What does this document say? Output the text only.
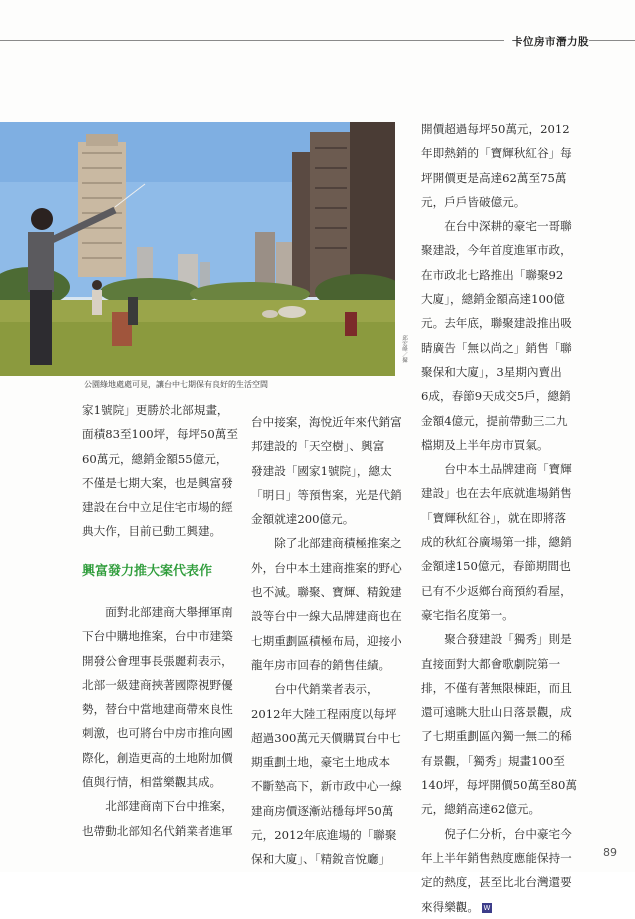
卡位房市潛力股
邱宏峰／攝
公園綠地處處可見，讓台中七期保有良好的生活空間

家1號院」更勝於北部規畫，

面積83至100坪，每坪50萬至

60萬元，總銷金額55億元，

不僅是七期大案，也是興富發

建設在台中立足住宅市場的經

典大作，目前已動工興建。

興富發力推大案代表作

　　面對北部建商大舉揮軍南

下台中購地推案，台中市建築

開發公會理事長張麗莉表示，

北部一級建商挾著國際視野優

勢，替台中當地建商帶來良性

刺激，也可將台中房市推向國

際化，創造更高的土地附加價

值與行情，相當樂觀其成。

　　北部建商南下台中推案，

也帶動北部知名代銷業者進軍

台中接案，海悅近年來代銷富

邦建設的「天空樹」、興富

發建設「國家1號院」，總太

「明日」等預售案，光是代銷

金額就達200億元。

　　除了北部建商積極推案之

外，台中本土建商推案的野心

也不減。聯聚、寶輝、精銳建

設等台中一線大品牌建商也在

七期重劃區積極布局，迎接小

龍年房市回春的銷售佳績。

　　台中代銷業者表示，

2012年大陸工程兩度以每坪

超過300萬元天價購買台中七

期重劃土地，豪宅土地成本

不斷墊高下，新市政中心一線

建商房價逐漸站穩每坪50萬

元，2012年底進場的「聯聚

保和大廈」、「精銳音悅廳」

開價超過每坪50萬元，2012

年即熱銷的「寶輝秋紅谷」每

坪開價更是高達62萬至75萬

元，戶戶皆破億元。

　　在台中深耕的豪宅一哥聯

聚建設，今年首度進軍市政，

在市政北七路推出「聯聚92

大廈」，總銷金額高達100億

元。去年底，聯聚建設推出吸

睛廣告「無以尚之」銷售「聯

聚保和大廈」，3星期內賣出

6成，春節9天成交5戶，總銷

金額4億元，提前帶動三二九

檔期及上半年房市買氣。

　　台中本土品牌建商「寶輝

建設」也在去年底就進場銷售

「寶輝秋紅谷」，就在即將落

成的秋紅谷廣場第一排，總銷

金額達150億元，春節期間也

已有不少返鄉台商預約看屋，

豪宅指名度第一。

　　聚合發建設「獨秀」則是

直接面對大都會歌劇院第一

排，不僅有著無限棟距，而且

還可遠眺大肚山日落景觀，成

了七期重劃區內獨一無二的稀

有景觀，「獨秀」規畫100至

140坪，每坪開價50萬至80萬

元，總銷高達62億元。

　　倪子仁分析，台中豪宅今

年上半年銷售熱度應能保持一

定的熱度，甚至比北台灣還要

來得樂觀。 W

89
